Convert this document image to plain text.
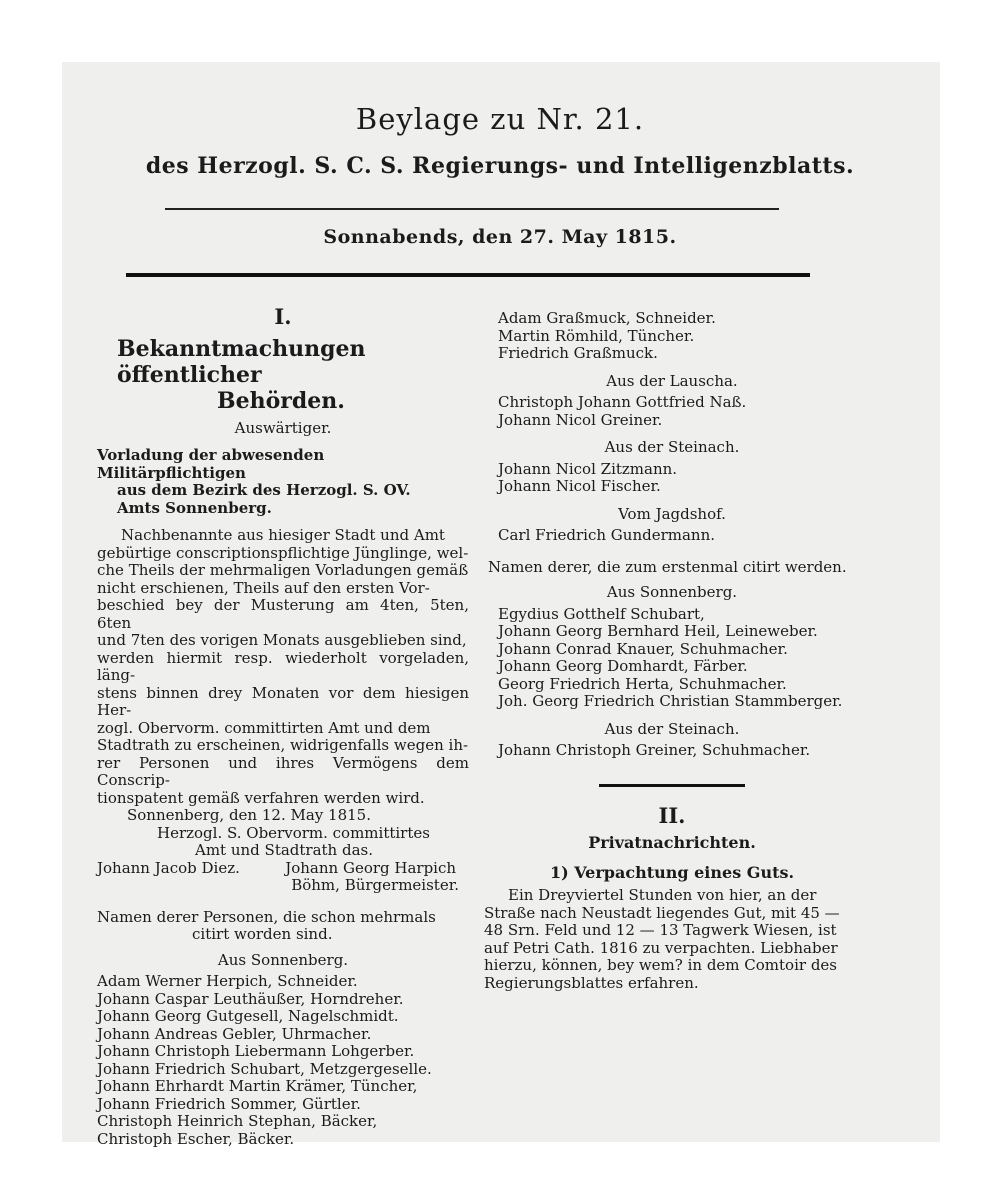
Beylage zu Nr. 21.
des Herzogl. S. C. S. Regierungs- und Intelligenzblatts.
Sonnabends, den 27. May 1815.
I.
Bekanntmachungen öffentlicher
Behörden.
Auswärtiger.
Vorladung der abwesenden Militärpflichtigen
aus dem Bezirk des Herzogl. S. OV.
Amts Sonnenberg.
Nachbenannte aus hiesiger Stadt und Amt
gebürtige conscriptionspflichtige Jünglinge, wel-
che Theils der mehrmaligen Vorladungen gemäß
nicht erschienen, Theils auf den ersten Vor-
beschied bey der Musterung am 4ten, 5ten, 6ten
und 7ten des vorigen Monats ausgeblieben sind,
werden hiermit resp. wiederholt vorgeladen, läng-
stens binnen drey Monaten vor dem hiesigen Her-
zogl. Obervorm. committirten Amt und dem
Stadtrath zu erscheinen, widrigenfalls wegen ih-
rer Personen und ihres Vermögens dem Conscrip-
tionspatent gemäß verfahren werden wird.
Sonnenberg, den 12. May 1815.
Herzogl. S. Obervorm. committirtes
Amt und Stadtrath das.
Johann Jacob Diez.	Johann Georg Harpich
Böhm, Bürgermeister.
Namen derer Personen, die schon mehrmals
citirt worden sind.
Aus Sonnenberg.
Adam Werner Herpich, Schneider.
Johann Caspar Leuthäußer, Horndreher.
Johann Georg Gutgesell, Nagelschmidt.
Johann Andreas Gebler, Uhrmacher.
Johann Christoph Liebermann Lohgerber.
Johann Friedrich Schubart, Metzgergeselle.
Johann Ehrhardt Martin Krämer, Tüncher,
Johann Friedrich Sommer, Gürtler.
Christoph Heinrich Stephan, Bäcker,
Christoph Escher, Bäcker.
Adam Graßmuck, Schneider.
Martin Römhild, Tüncher.
Friedrich Graßmuck.
Aus der Lauscha.
Christoph Johann Gottfried Naß.
Johann Nicol Greiner.
Aus der Steinach.
Johann Nicol Zitzmann.
Johann Nicol Fischer.
Vom Jagdshof.
Carl Friedrich Gundermann.
Namen derer, die zum erstenmal citirt werden.
Aus Sonnenberg.
Egydius Gotthelf Schubart,
Johann Georg Bernhard Heil, Leineweber.
Johann Conrad Knauer, Schuhmacher.
Johann Georg Domhardt, Färber.
Georg Friedrich Herta, Schuhmacher.
Joh. Georg Friedrich Christian Stammberger.
Aus der Steinach.
Johann Christoph Greiner, Schuhmacher.
II.
Privatnachrichten.
1) Verpachtung eines Guts.
Ein Dreyviertel Stunden von hier, an der
Straße nach Neustadt liegendes Gut, mit 45 —
48 Srn. Feld und 12 — 13 Tagwerk Wiesen, ist
auf Petri Cath. 1816 zu verpachten. Liebhaber
hierzu, können, bey wem? in dem Comtoir des
Regierungsblattes erfahren.
